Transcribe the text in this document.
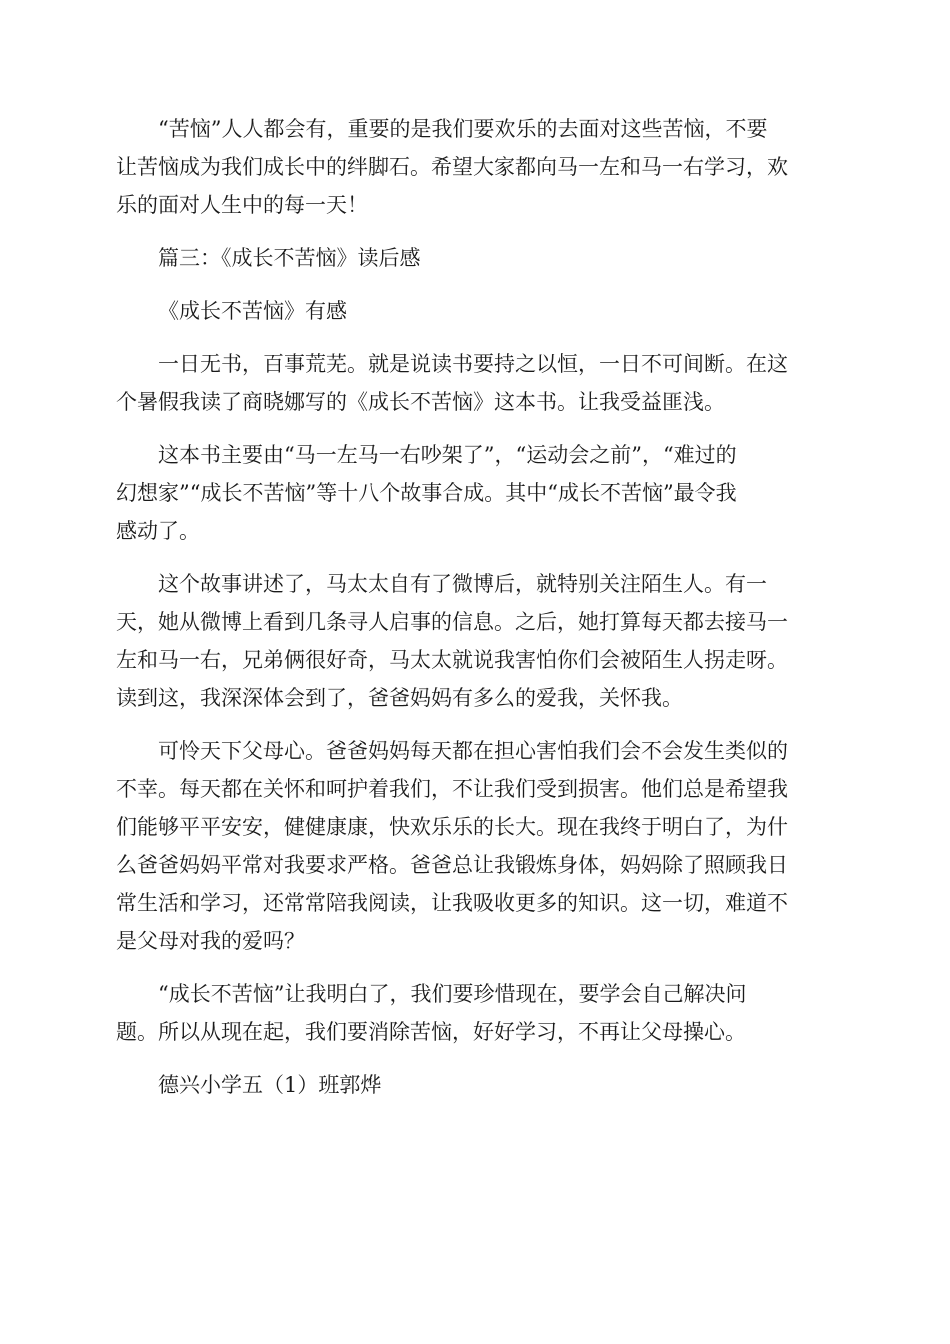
“苦恼”人人都会有，重要的是我们要欢乐的去面对这些苦恼，不要
让苦恼成为我们成长中的绊脚石。希望大家都向马一左和马一右学习，欢
乐的面对人生中的每一天！
篇三：《成长不苦恼》读后感
《成长不苦恼》有感
一日无书，百事荒芜。就是说读书要持之以恒，一日不可间断。在这
个暑假我读了商晓娜写的《成长不苦恼》这本书。让我受益匪浅。
这本书主要由“马一左马一右吵架了”，“运动会之前”，“难过的
幻想家”“成长不苦恼”等十八个故事合成。其中“成长不苦恼”最令我
感动了。
这个故事讲述了，马太太自有了微博后，就特别关注陌生人。有一
天，她从微博上看到几条寻人启事的信息。之后，她打算每天都去接马一
左和马一右，兄弟俩很好奇，马太太就说我害怕你们会被陌生人拐走呀。
读到这，我深深体会到了，爸爸妈妈有多么的爱我，关怀我。
可怜天下父母心。爸爸妈妈每天都在担心害怕我们会不会发生类似的
不幸。每天都在关怀和呵护着我们，不让我们受到损害。他们总是希望我
们能够平平安安，健健康康，快欢乐乐的长大。现在我终于明白了，为什
么爸爸妈妈平常对我要求严格。爸爸总让我锻炼身体，妈妈除了照顾我日
常生活和学习，还常常陪我阅读，让我吸收更多的知识。这一切，难道不
是父母对我的爱吗？
“成长不苦恼”让我明白了，我们要珍惜现在，要学会自己解决问
题。所以从现在起，我们要消除苦恼，好好学习，不再让父母操心。
德兴小学五（1）班郭烨
